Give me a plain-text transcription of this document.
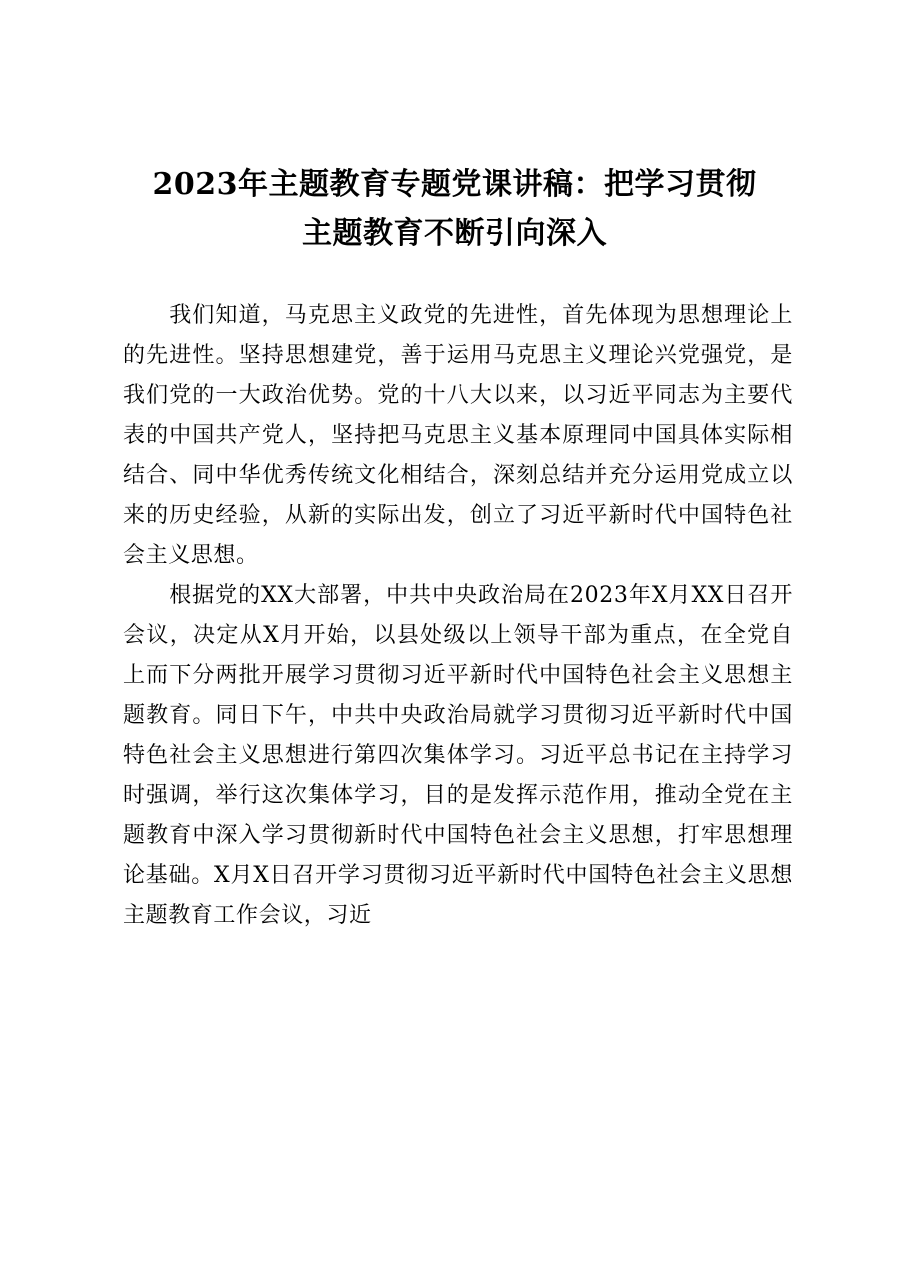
2023年主题教育专题党课讲稿：把学习贯彻
主题教育不断引向深入

我们知道，马克思主义政党的先进性，首先体现为思想理论上的先进性。坚持思想建党，善于运用马克思主义理论兴党强党，是我们党的一大政治优势。党的十八大以来，以习近平同志为主要代表的中国共产党人，坚持把马克思主义基本原理同中国具体实际相结合、同中华优秀传统文化相结合，深刻总结并充分运用党成立以来的历史经验，从新的实际出发，创立了习近平新时代中国特色社会主义思想。

根据党的XX大部署，中共中央政治局在2023年X月XX日召开会议，决定从X月开始，以县处级以上领导干部为重点，在全党自上而下分两批开展学习贯彻习近平新时代中国特色社会主义思想主题教育。同日下午，中共中央政治局就学习贯彻习近平新时代中国特色社会主义思想进行第四次集体学习。习近平总书记在主持学习时强调，举行这次集体学习，目的是发挥示范作用，推动全党在主题教育中深入学习贯彻新时代中国特色社会主义思想，打牢思想理论基础。X月X日召开学习贯彻习近平新时代中国特色社会主义思想主题教育工作会议，习近
